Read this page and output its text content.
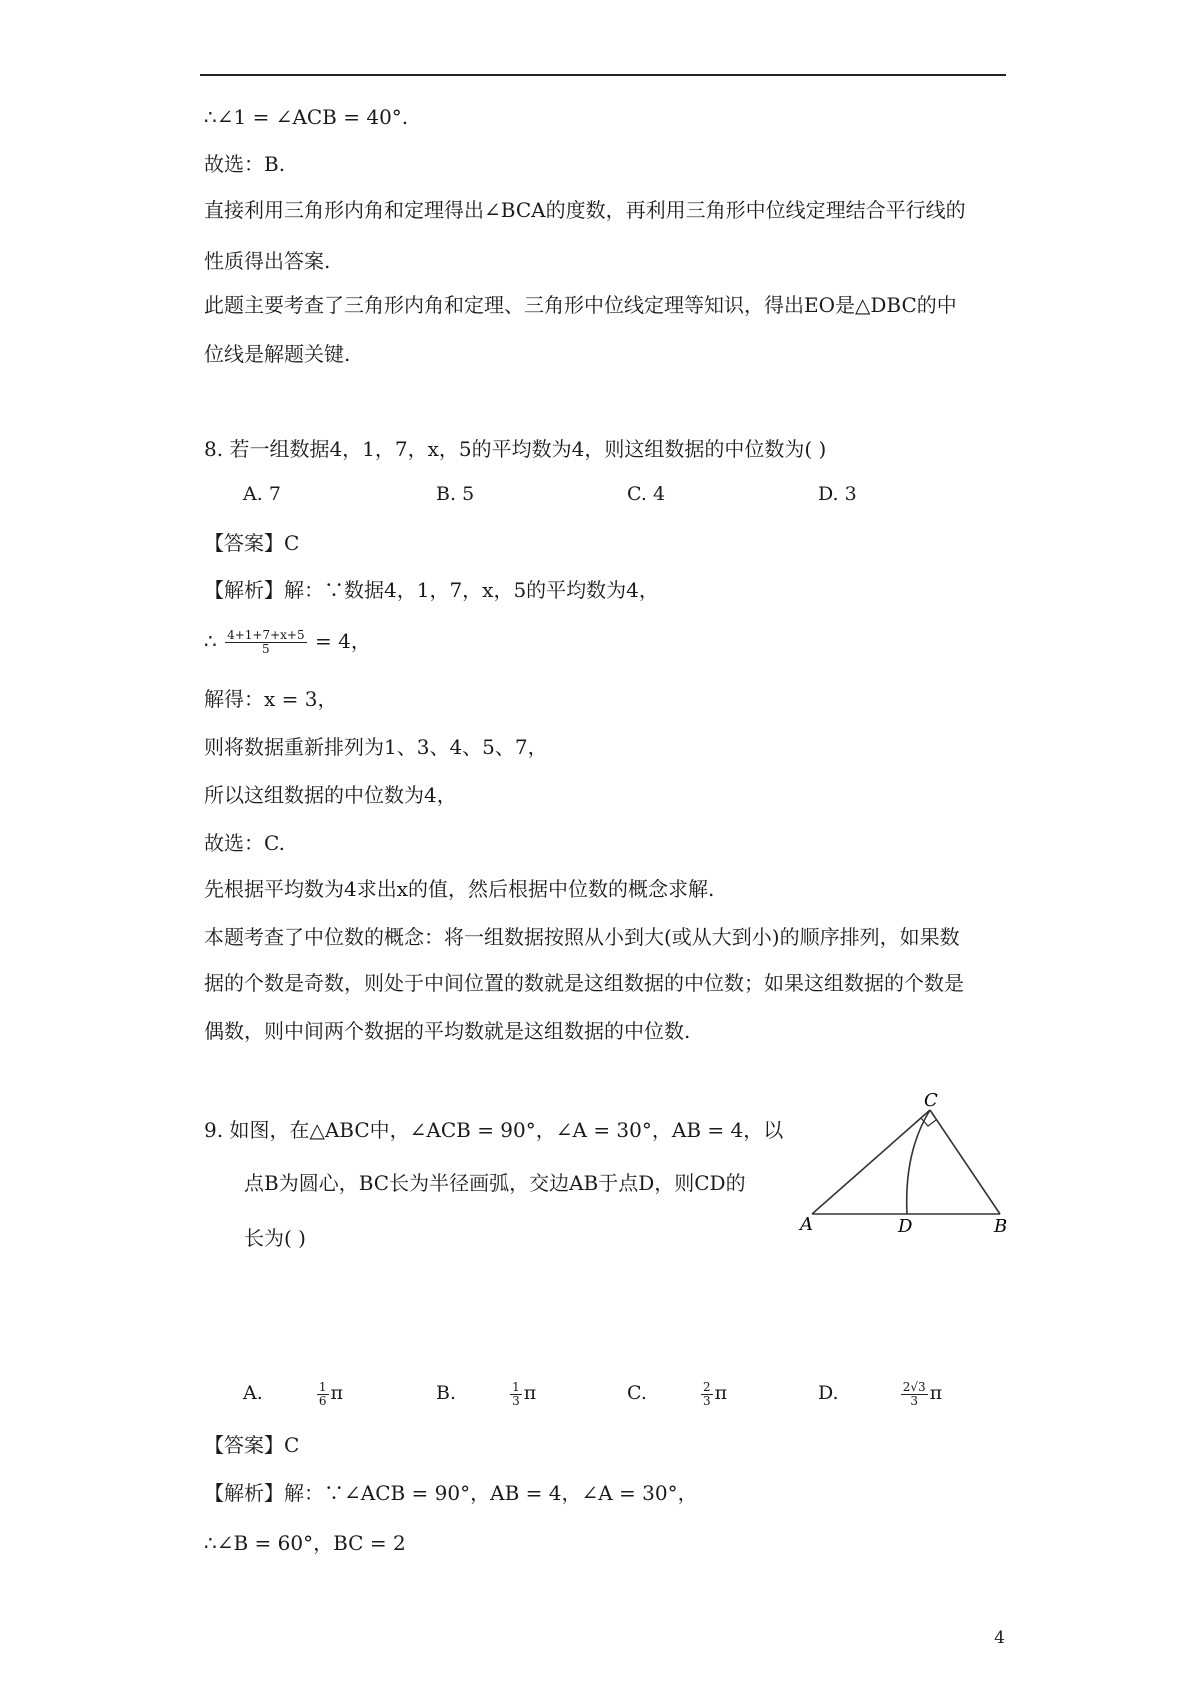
∴∠1 = ∠ACB = 40°.
故选：B.
直接利用三角形内角和定理得出∠BCA的度数，再利用三角形中位线定理结合平行线的
性质得出答案.
此题主要考查了三角形内角和定理、三角形中位线定理等知识，得出EO是△DBC的中
位线是解题关键.
8. 若一组数据4，1，7，x，5的平均数为4，则这组数据的中位数为( )
A. 7	B. 5	C. 4	D. 3
【答案】C
【解析】解：∵数据4，1，7，x，5的平均数为4，
∴ $\frac{4+1+7+x+5}{5} = 4$，
解得：x = 3，
则将数据重新排列为1、3、4、5、7，
所以这组数据的中位数为4，
故选：C.
先根据平均数为4求出x的值，然后根据中位数的概念求解.
本题考查了中位数的概念：将一组数据按照从小到大(或从大到小)的顺序排列，如果数
据的个数是奇数，则处于中间位置的数就是这组数据的中位数；如果这组数据的个数是
偶数，则中间两个数据的平均数就是这组数据的中位数.
9. 如图，在△ABC中，∠ACB = 90°，∠A = 30°，AB = 4，以
点B为圆心，BC长为半径画弧，交边AB于点D，则CD的
长为( )
A	D	B
C
A.	$\frac{1}{6}$ π	B.	$\frac{1}{3}$ π	C.	$\frac{2}{3}$ π	D.	$\frac{2√3}{3}$ π
【答案】C
【解析】解：∵∠ACB = 90°，AB = 4，∠A = 30°，
∴∠B = 60°，BC = 2
4
